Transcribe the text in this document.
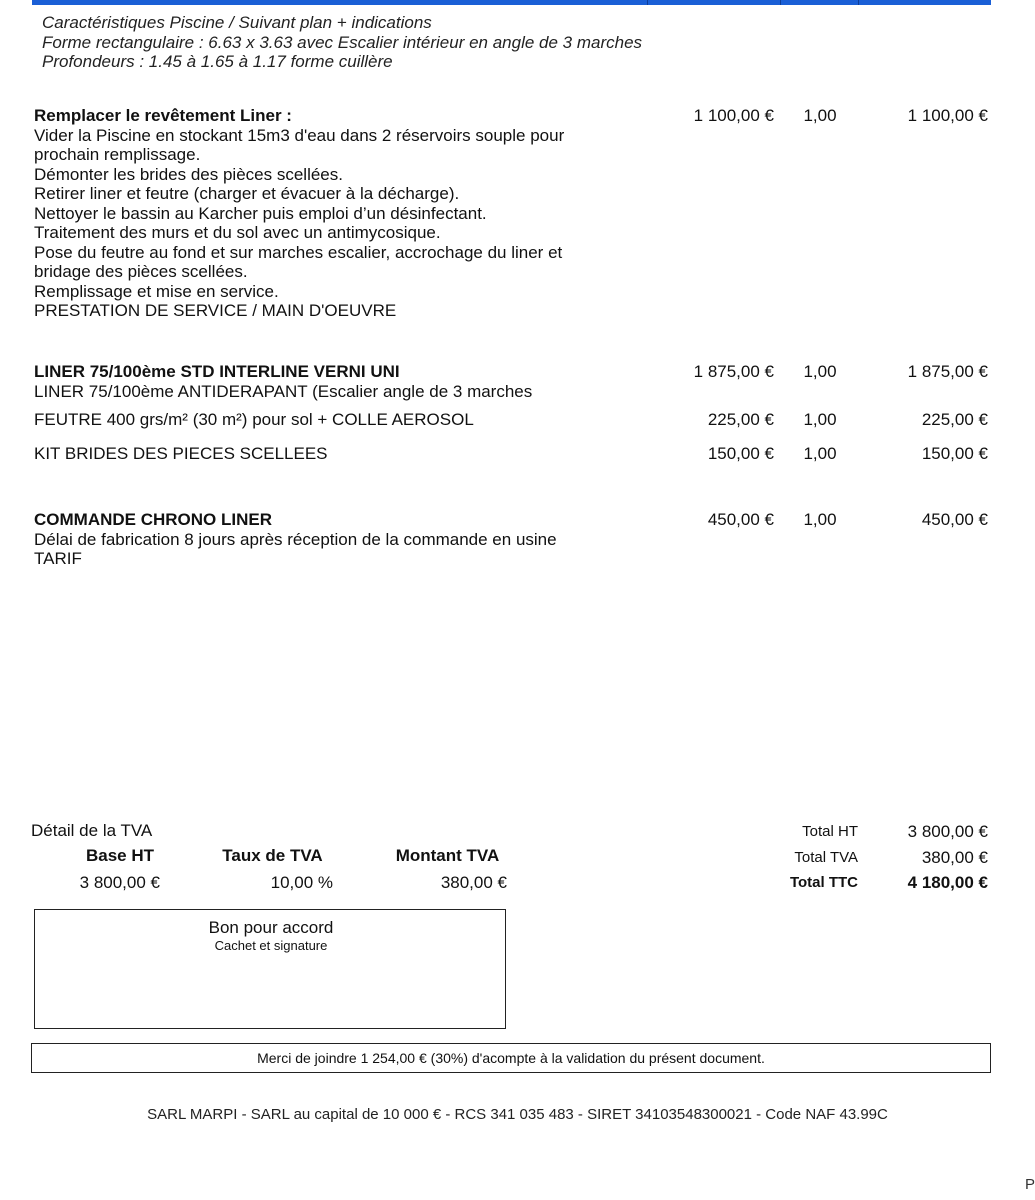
Caractéristiques Piscine / Suivant plan + indications
Forme rectangulaire : 6.63 x 3.63 avec Escalier intérieur en angle de 3 marches
Profondeurs : 1.45 à 1.65 à 1.17 forme cuillère
Remplacer le revêtement Liner :
Vider la Piscine en stockant 15m3 d'eau dans 2 réservoirs souple pour
prochain remplissage.
Démonter les brides des pièces scellées.
Retirer liner et feutre (charger et évacuer à la décharge).
Nettoyer le bassin au Karcher puis emploi d’un désinfectant.
Traitement des murs et du sol avec un antimycosique.
Pose du feutre au fond et sur marches escalier, accrochage du liner et
bridage des pièces scellées.
Remplissage et mise en service.
PRESTATION DE SERVICE / MAIN D'OEUVRE
1 100,00 €	1,00	1 100,00 €
LINER 75/100ème STD INTERLINE VERNI UNI
LINER 75/100ème ANTIDERAPANT (Escalier angle de 3 marches
1 875,00 €	1,00	1 875,00 €
FEUTRE 400 grs/m² (30 m²) pour sol + COLLE AEROSOL	225,00 €	1,00	225,00 €
KIT BRIDES DES PIECES SCELLEES	150,00 €	1,00	150,00 €
COMMANDE CHRONO LINER
Délai de fabrication 8 jours après réception de la commande en usine
TARIF
450,00 €	1,00	450,00 €
Détail de la TVA
Base HT	Taux de TVA	Montant TVA
3 800,00 €	10,00 %	380,00 €
Total HT	3 800,00 €
Total TVA	380,00 €
Total TTC	4 180,00 €
Bon pour accord
Cachet et signature
Merci de joindre 1 254,00 € (30%) d'acompte à la validation du présent document.
SARL MARPI - SARL au capital de 10 000 € - RCS 341 035 483 - SIRET 34103548300021 - Code NAF 43.99C
P
